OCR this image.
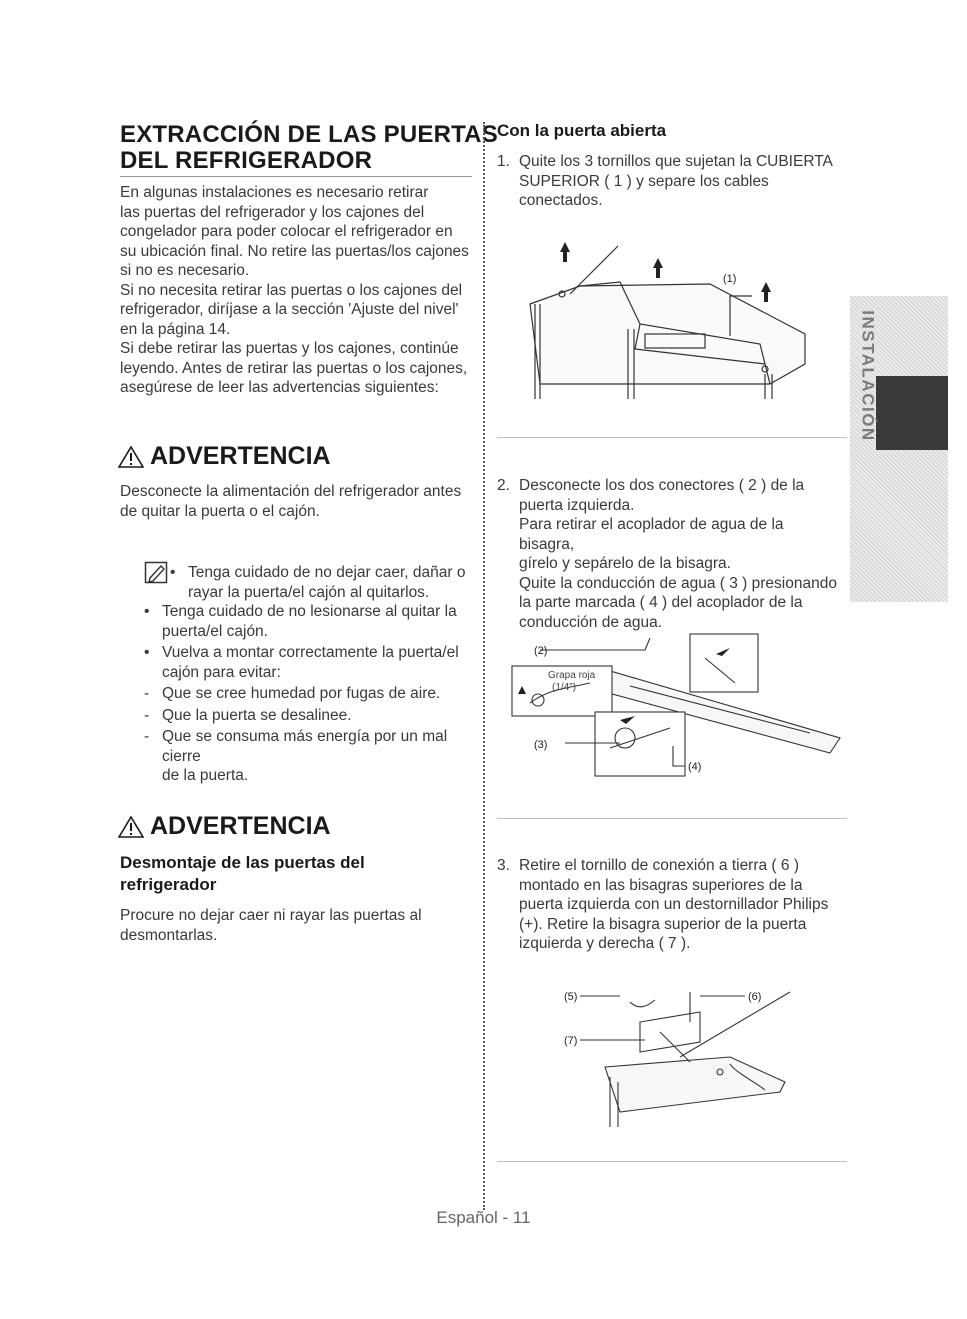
EXTRACCIÓN DE LAS PUERTAS
DEL REFRIGERADOR
En algunas instalaciones es necesario retirar
las puertas del refrigerador y los cajones del
congelador para poder colocar el refrigerador en
su ubicación final. No retire las puertas/los cajones
si no es necesario.
Si no necesita retirar las puertas o los cajones del
refrigerador, diríjase a la sección 'Ajuste del nivel'
en la página 14.
Si debe retirar las puertas y los cajones, continúe
leyendo. Antes de retirar las puertas o los cajones,
asegúrese de leer las advertencias siguientes:
ADVERTENCIA
Desconecte la alimentación del refrigerador antes
de quitar la puerta o el cajón.
• Tenga cuidado de no dejar caer, dañar o
rayar la puerta/el cajón al quitarlos.
• Tenga cuidado de no lesionarse al quitar la
puerta/el cajón.
• Vuelva a montar correctamente la puerta/el
cajón para evitar:
- Que se cree humedad por fugas de aire.
- Que la puerta se desalinee.
- Que se consuma más energía por un mal cierre
de la puerta.
ADVERTENCIA
Desmontaje de las puertas del
refrigerador
Procure no dejar caer ni rayar las puertas al
desmontarlas.
Con la puerta abierta
1. Quite los 3 tornillos que sujetan la CUBIERTA
SUPERIOR ( 1 ) y separe los cables
conectados.
(1)
2. Desconecte los dos conectores ( 2 ) de la
puerta izquierda.
Para retirar el acoplador de agua de la bisagra,
gírelo y sepárelo de la bisagra.
Quite la conducción de agua ( 3 ) presionando
la parte marcada ( 4 ) del acoplador de la
conducción de agua.
(2)
Grapa roja
(1/4")
(3)
(4)
3. Retire el tornillo de conexión a tierra ( 6 )
montado en las bisagras superiores de la
puerta izquierda con un destornillador Philips
(+). Retire la bisagra superior de la puerta
izquierda y derecha ( 7 ).
(5)	(6)
(7)
INSTALACIÓN
Español - 11
